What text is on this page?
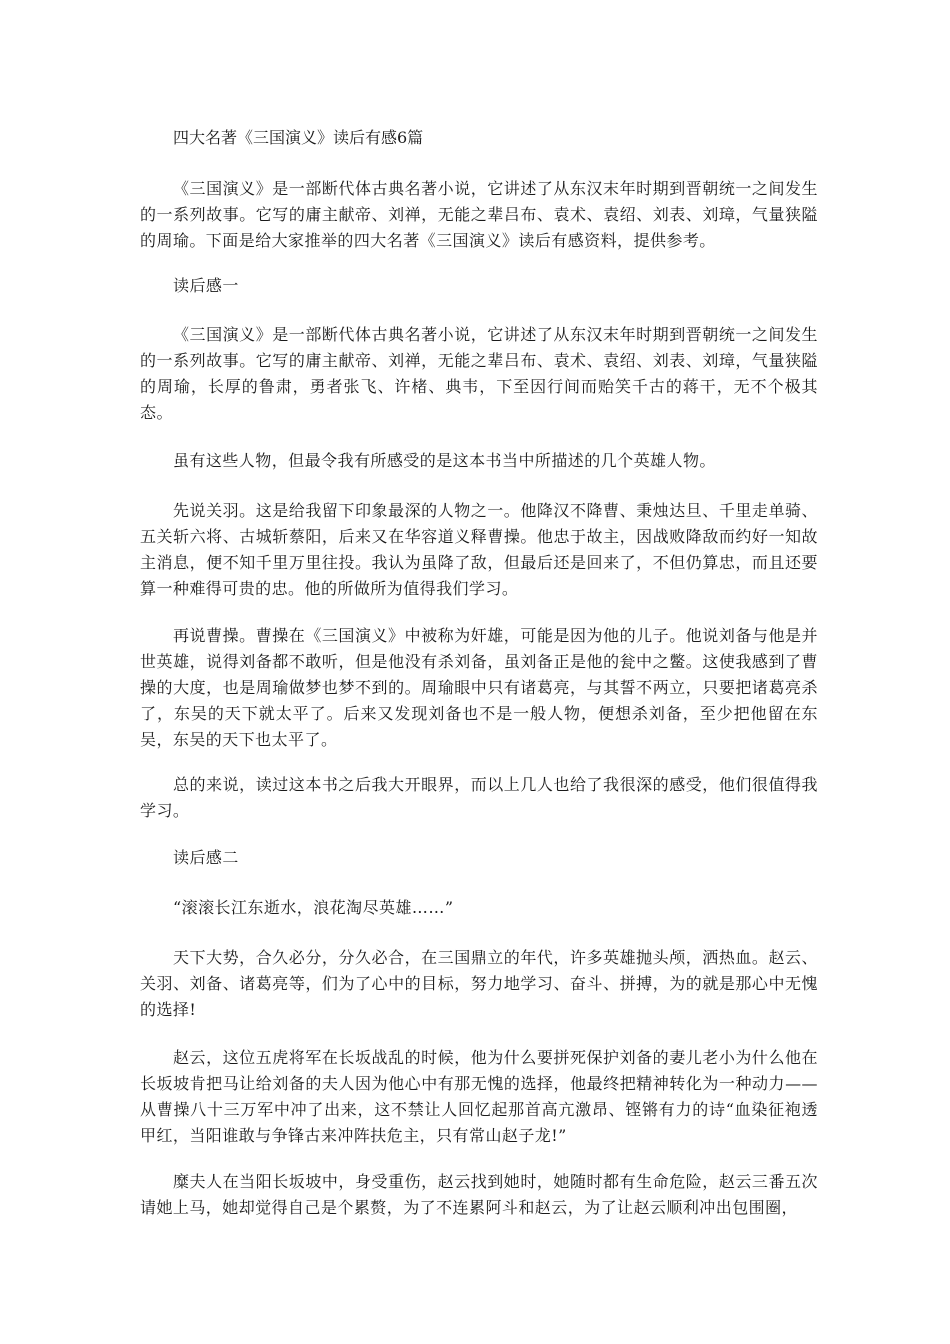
四大名著《三国演义》读后有感6篇

《三国演义》是一部断代体古典名著小说，它讲述了从东汉末年时期到晋朝统一之间发生的一系列故事。它写的庸主献帝、刘禅，无能之辈吕布、袁术、袁绍、刘表、刘璋，气量狭隘的周瑜。下面是给大家推举的四大名著《三国演义》读后有感资料，提供参考。

读后感一

《三国演义》是一部断代体古典名著小说，它讲述了从东汉末年时期到晋朝统一之间发生的一系列故事。它写的庸主献帝、刘禅，无能之辈吕布、袁术、袁绍、刘表、刘璋，气量狭隘的周瑜，长厚的鲁肃，勇者张飞、许楮、典韦，下至因行间而贻笑千古的蒋干，无不个极其态。

虽有这些人物，但最令我有所感受的是这本书当中所描述的几个英雄人物。

先说关羽。这是给我留下印象最深的人物之一。他降汉不降曹、秉烛达旦、千里走单骑、五关斩六将、古城斩蔡阳，后来又在华容道义释曹操。他忠于故主，因战败降敌而约好一知故主消息，便不知千里万里往投。我认为虽降了敌，但最后还是回来了，不但仍算忠，而且还要算一种难得可贵的忠。他的所做所为值得我们学习。

再说曹操。曹操在《三国演义》中被称为奸雄，可能是因为他的儿子。他说刘备与他是并世英雄，说得刘备都不敢听，但是他没有杀刘备，虽刘备正是他的瓮中之鳖。这使我感到了曹操的大度，也是周瑜做梦也梦不到的。周瑜眼中只有诸葛亮，与其誓不两立，只要把诸葛亮杀了，东吴的天下就太平了。后来又发现刘备也不是一般人物，便想杀刘备，至少把他留在东吴，东吴的天下也太平了。

总的来说，读过这本书之后我大开眼界，而以上几人也给了我很深的感受，他们很值得我学习。

读后感二

“滚滚长江东逝水，浪花淘尽英雄……”

天下大势，合久必分，分久必合，在三国鼎立的年代，许多英雄抛头颅，洒热血。赵云、关羽、刘备、诸葛亮等，们为了心中的目标，努力地学习、奋斗、拼搏，为的就是那心中无愧的选择!

赵云，这位五虎将军在长坂战乱的时候，他为什么要拼死保护刘备的妻儿老小为什么他在长坂坡肯把马让给刘备的夫人因为他心中有那无愧的选择，他最终把精神转化为一种动力——从曹操八十三万军中冲了出来，这不禁让人回忆起那首高亢激昂、铿锵有力的诗“血染征袍透甲红，当阳谁敢与争锋古来冲阵扶危主，只有常山赵子龙!”

糜夫人在当阳长坂坡中，身受重伤，赵云找到她时，她随时都有生命危险，赵云三番五次请她上马，她却觉得自己是个累赘，为了不连累阿斗和赵云，为了让赵云顺利冲出包围圈，
